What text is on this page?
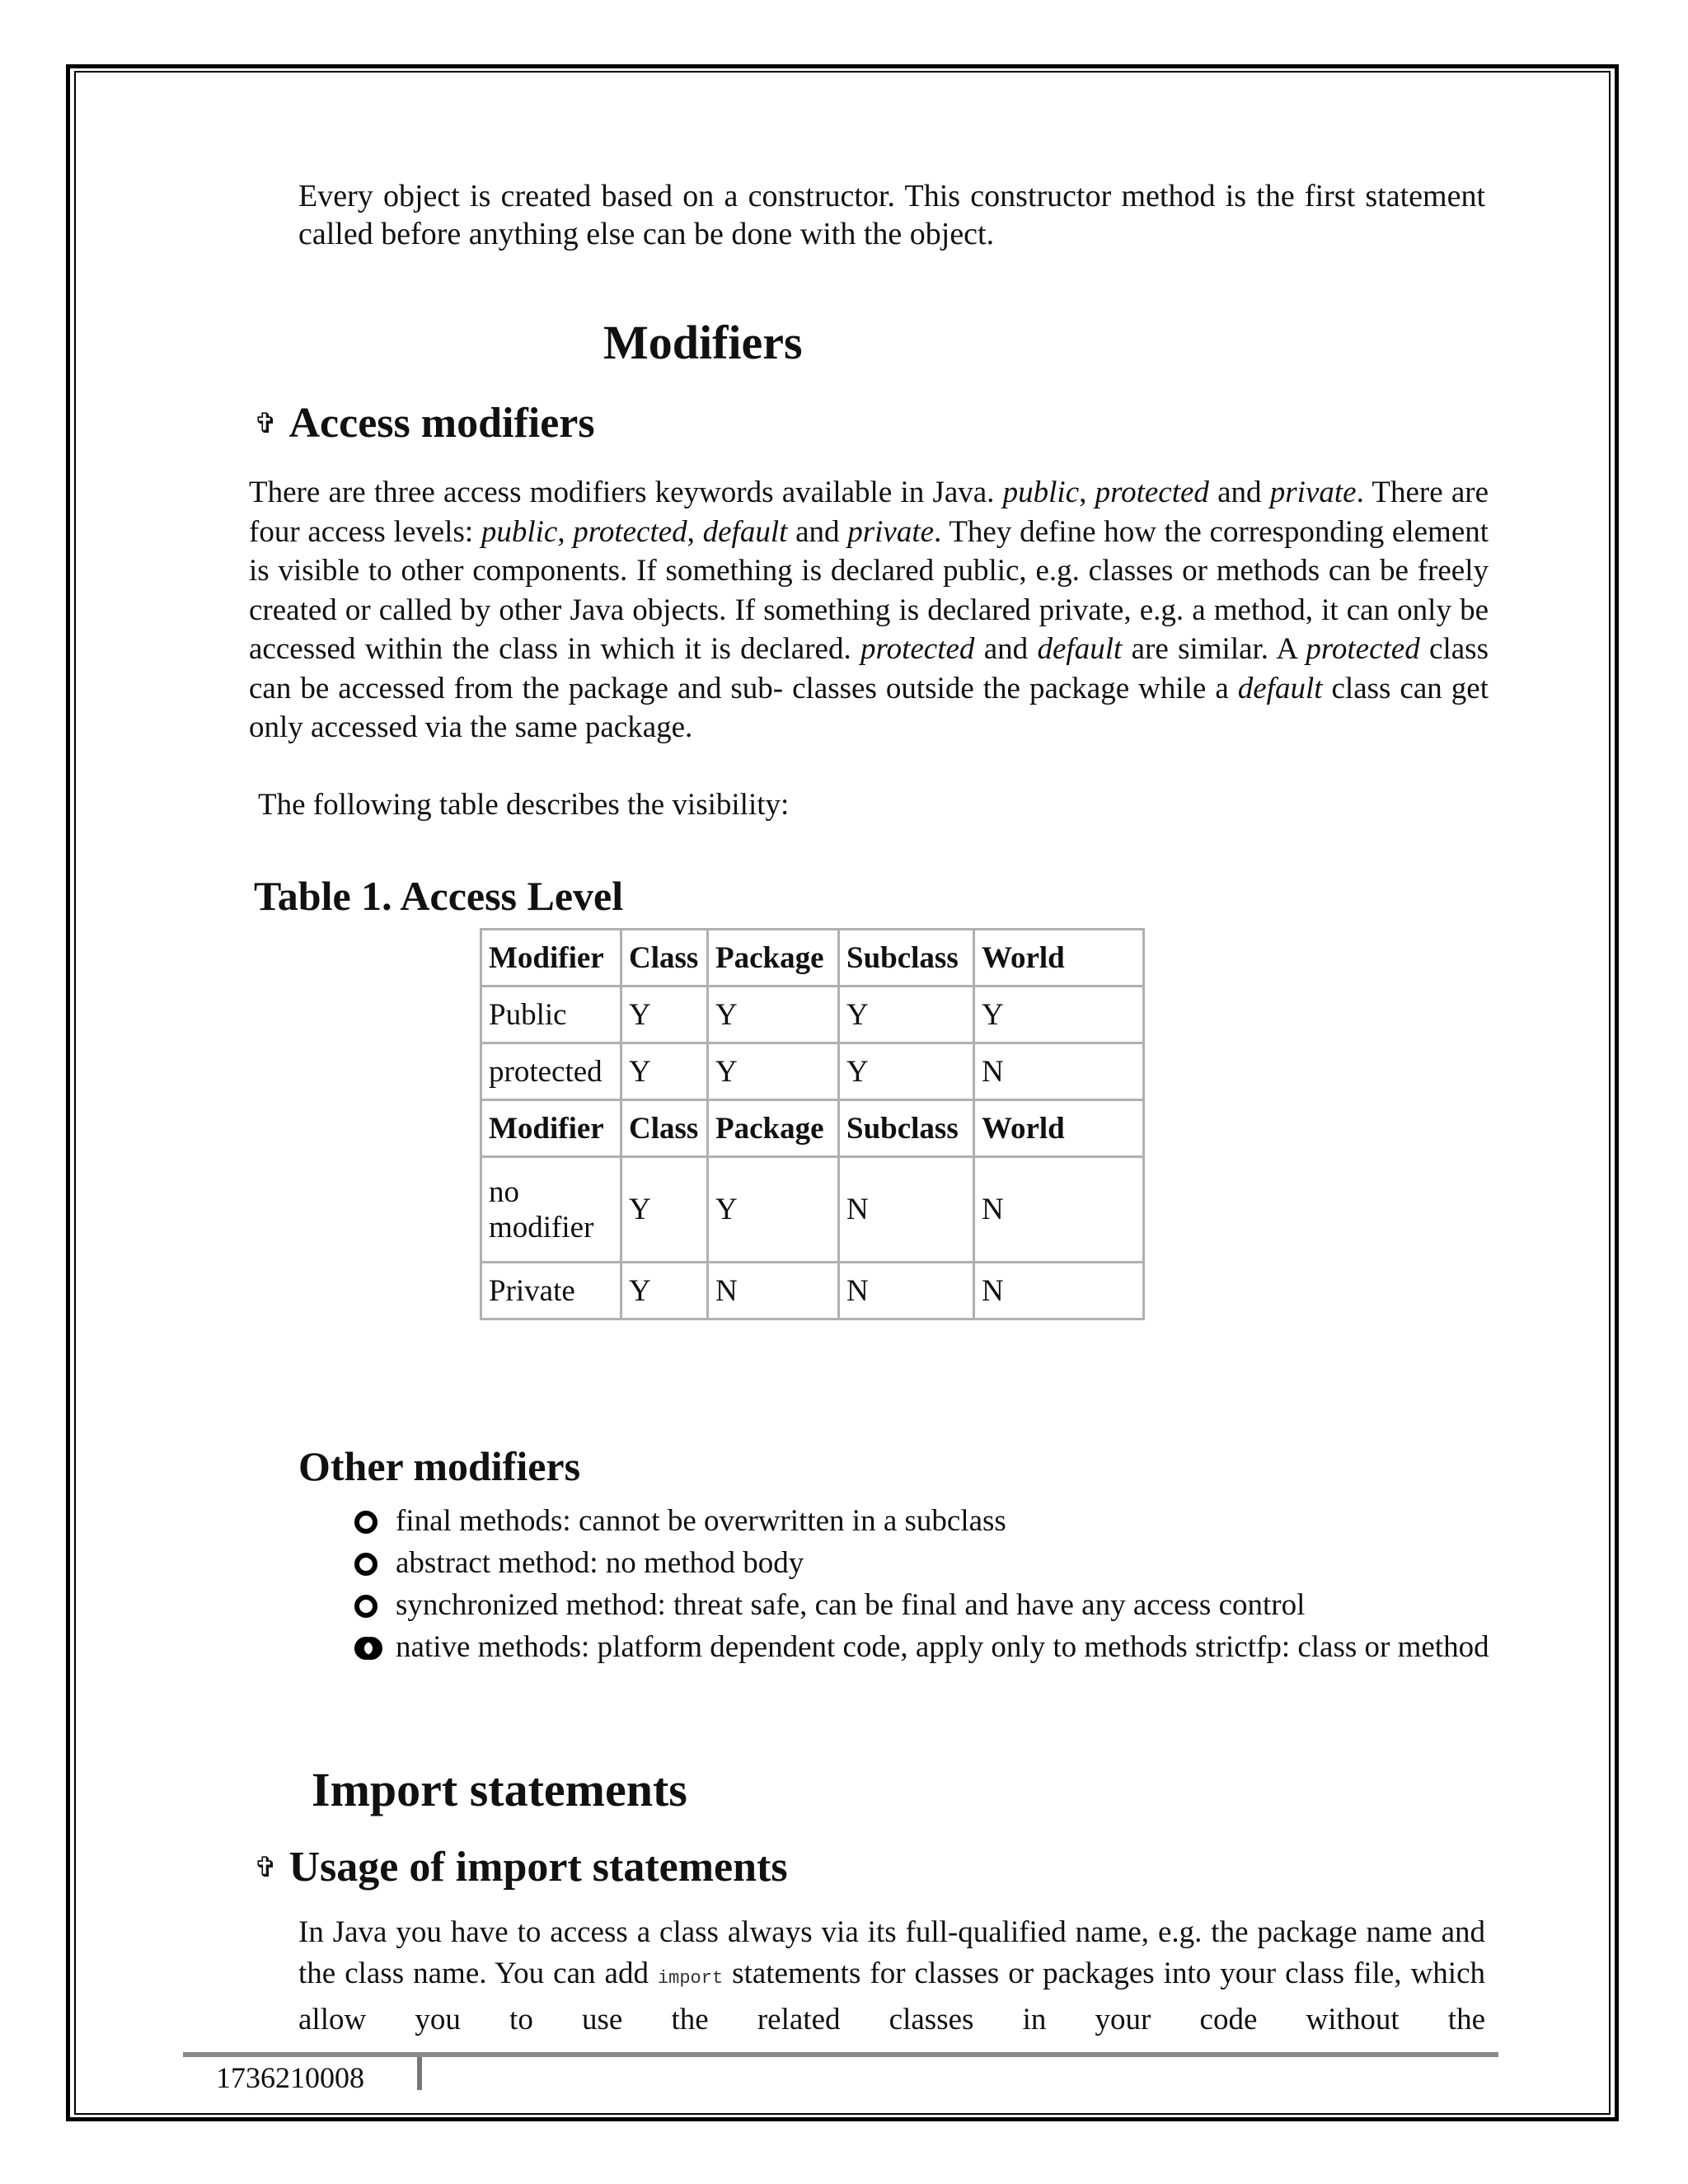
Every object is created based on a constructor. This constructor method is the first statement called before anything else can be done with the object.

Modifiers
✞ Access modifiers

There are three access modifiers keywords available in Java. public, protected and private. There are four access levels: public, protected, default and private. They define how the corresponding element is visible to other components. If something is declared public, e.g. classes or methods can be freely created or called by other Java objects. If something is declared private, e.g. a method, it can only be accessed within the class in which it is declared. protected and default are similar. A protected class can be accessed from the package and sub- classes outside the package while a default class can get only accessed via the same package.

The following table describes the visibility:

Table 1. Access Level

Modifier	Class	Package	Subclass	World
Public	Y	Y	Y	Y
protected	Y	Y	Y	N
Modifier	Class	Package	Subclass	World
no modifier	Y	Y	N	N
Private	Y	N	N	N

Other modifiers

final methods: cannot be overwritten in a subclass
abstract method: no method body
synchronized method: threat safe, can be final and have any access control
native methods: platform dependent code, apply only to methods strictfp: class or method
Import statements
✞ Usage of import statements

In Java you have to access a class always via its full-qualified name, e.g. the package name and the class name. You can add import statements for classes or packages into your class file, which allow you to use the related classes in your code without the

1736210008
